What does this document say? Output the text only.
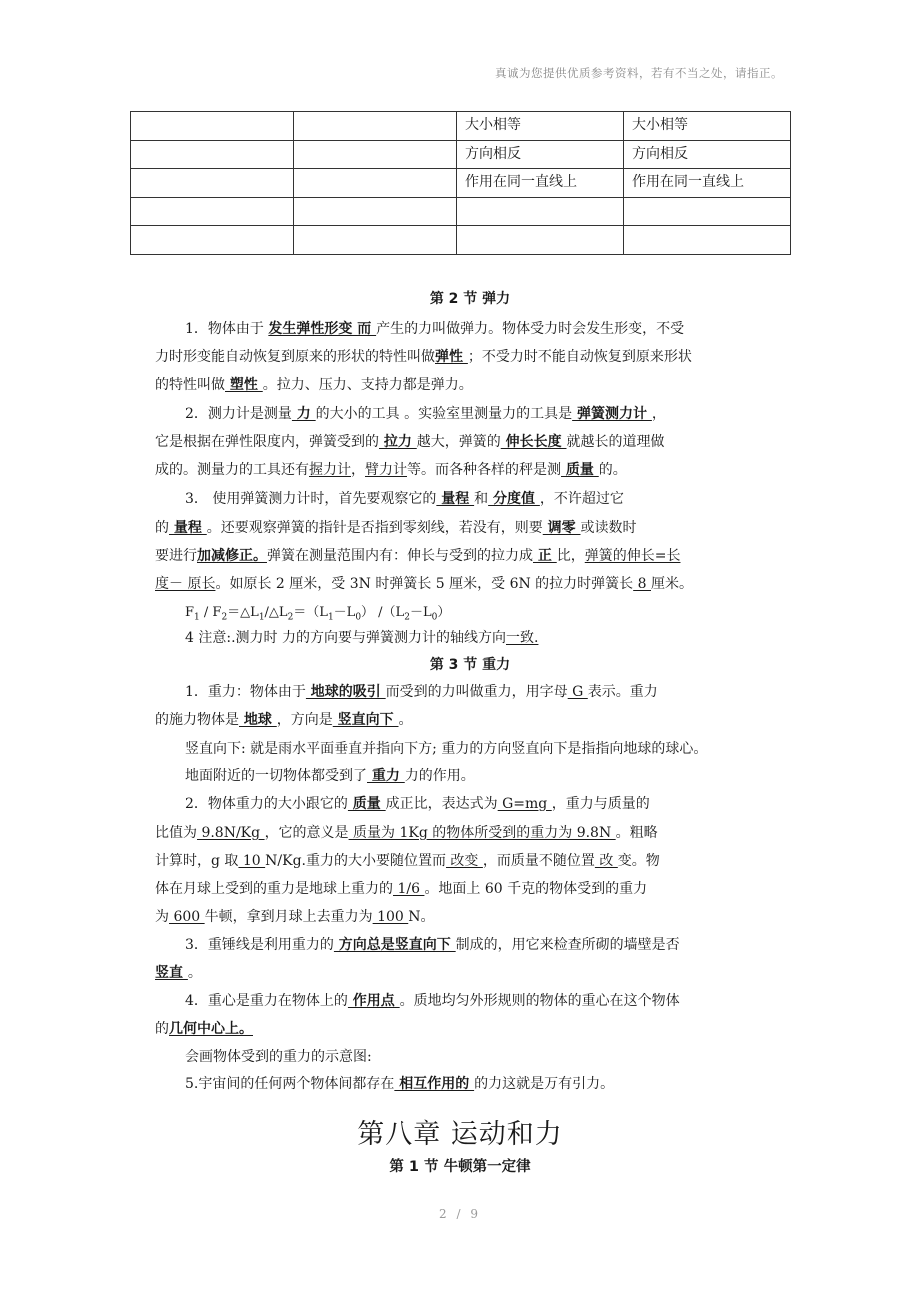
真诚为您提供优质参考资料，若有不当之处，请指正。
		大小相等	大小相等
		方向相反	方向相反
		作用在同一直线上	作用在同一直线上

第 2 节 弹力
1．物体由于 发生弹性形变 而 产生的力叫做弹力。物体受力时会发生形变，不受
力时形变能自动恢复到原来的形状的特性叫做弹性 ；不受力时不能自动恢复到原来形状
的特性叫做 塑性 。拉力、压力、支持力都是弹力。
2．测力计是测量 力 的大小的工具 。实验室里测量力的工具是 弹簧测力计 ，
它是根据在弹性限度内，弹簧受到的 拉力 越大，弹簧的 伸长长度 就越长的道理做
成的。测量力的工具还有握力计，臂力计等。而各种各样的秤是测 质量 的。
3． 使用弹簧测力计时，首先要观察它的 量程 和 分度值 ，不许超过它
的 量程 。还要观察弹簧的指针是否指到零刻线，若没有，则要 调零 或读数时
要进行加减修正。弹簧在测量范围内有：伸长与受到的拉力成 正 比，弹簧的伸长=长
度－ 原长。如原长 2 厘米，受 3N 时弹簧长 5 厘米，受 6N 的拉力时弹簧长 8 厘米。
$F_1$ / $F_2=\triangle L_1/\triangle L_2=(L_1-L_0)$ $/(L_2-L_0)$
4 注意:.测力时 力的方向要与弹簧测力计的轴线方向一致.
第 3 节 重力
1．重力：物体由于 地球的吸引 而受到的力叫做重力，用字母 G 表示。重力
的施力物体是 地球 ，方向是 竖直向下 。
竖直向下: 就是雨水平面垂直并指向下方; 重力的方向竖直向下是指指向地球的球心。
地面附近的一切物体都受到了 重力 力的作用。
2．物体重力的大小跟它的 质量 成正比，表达式为 G=mg ，重力与质量的
比值为 9.8N/Kg ，它的意义是 质量为 1Kg 的物体所受到的重力为 9.8N 。粗略
计算时，g 取 10 N/Kg.重力的大小要随位置而 改变 ，而质量不随位置 改 变。物
体在月球上受到的重力是地球上重力的 1/6 。地面上 60 千克的物体受到的重力
为 600 牛顿，拿到月球上去重力为 100 N。
3．重锤线是利用重力的 方向总是竖直向下 制成的，用它来检查所砌的墙壁是否
竖直 。
4．重心是重力在物体上的 作用点 。质地均匀外形规则的物体的重心在这个物体
的几何中心上。
会画物体受到的重力的示意图:
5.宇宙间的任何两个物体间都存在 相互作用的 的力这就是万有引力。
第八章 运动和力
第 1 节 牛顿第一定律
2 / 9
